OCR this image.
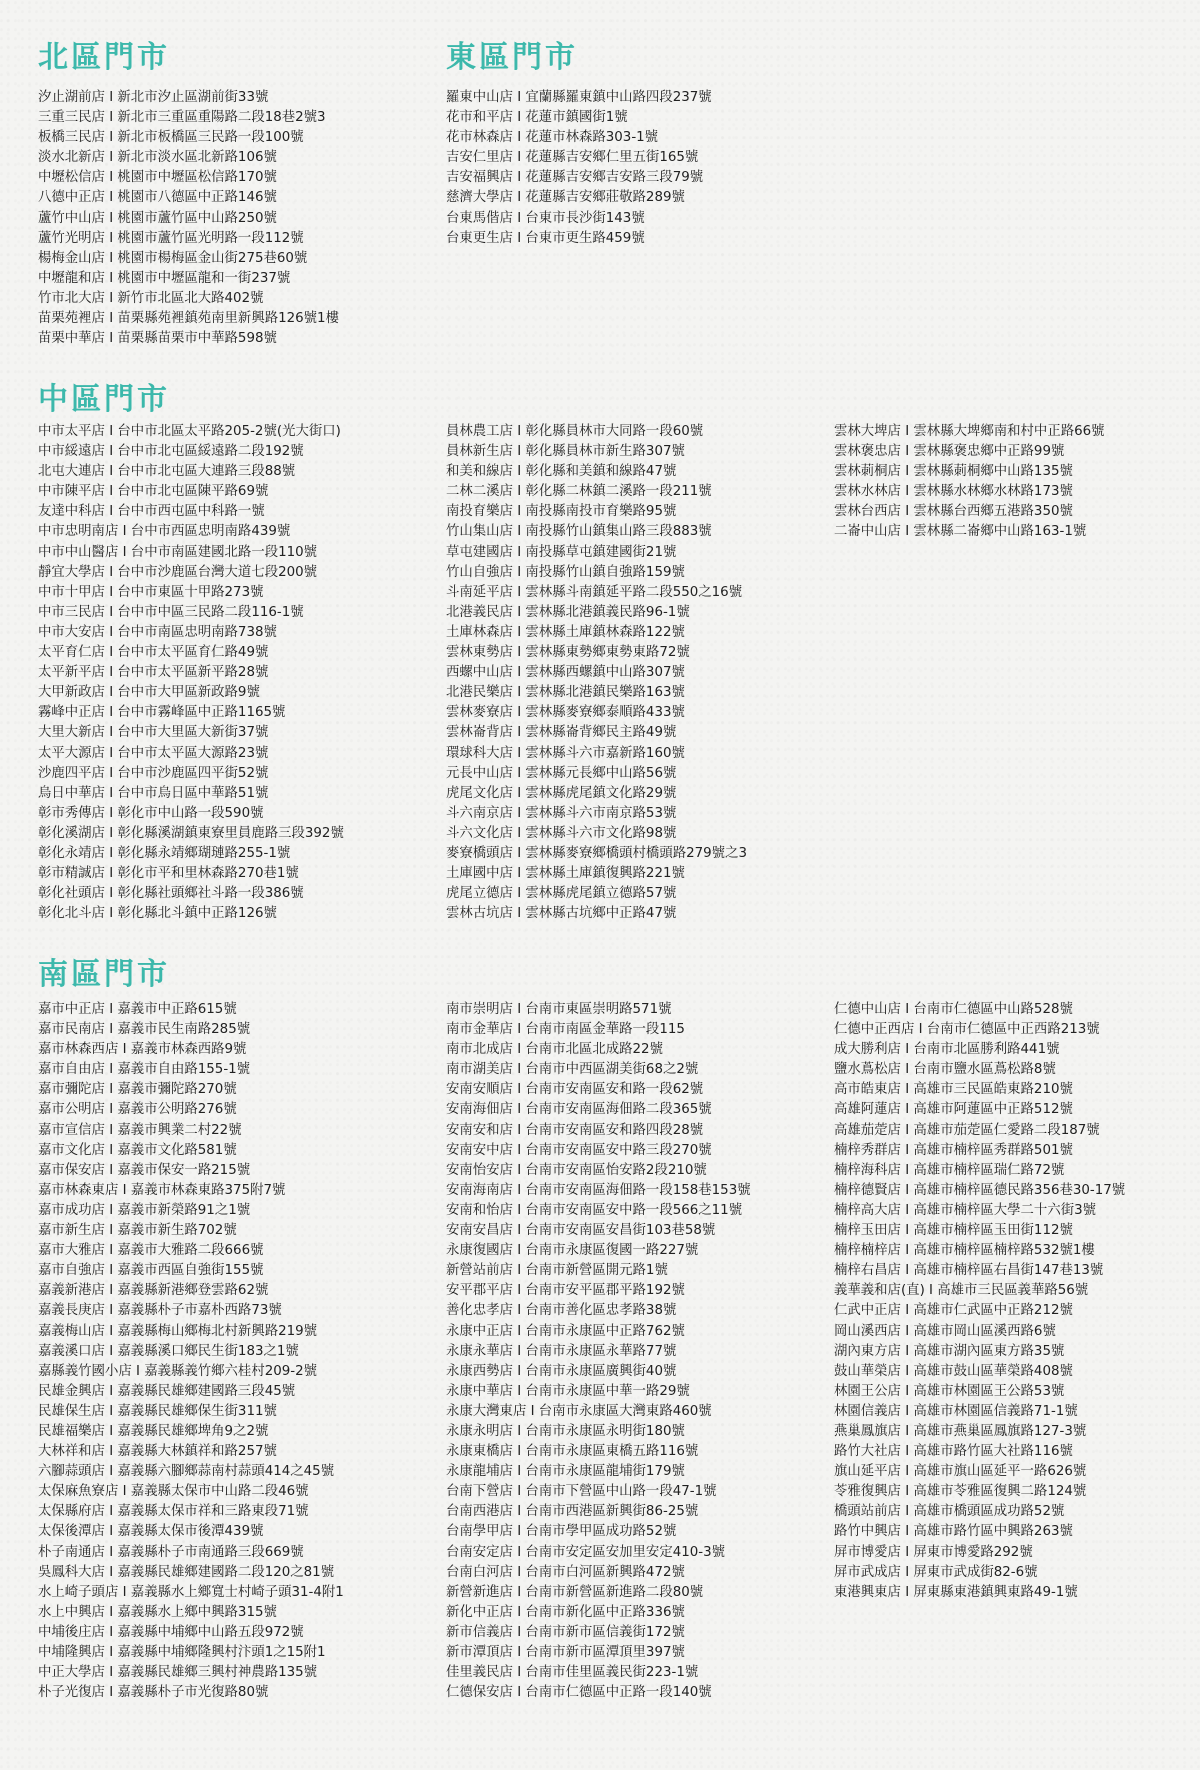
北區門市
汐止湖前店 I 新北市汐止區湖前街33號
三重三民店 I 新北市三重區重陽路二段18巷2號3
板橋三民店 I 新北市板橋區三民路一段100號
淡水北新店 I 新北市淡水區北新路106號
中壢松信店 I 桃園市中壢區松信路170號
八德中正店 I 桃園市八德區中正路146號
蘆竹中山店 I 桃園市蘆竹區中山路250號
蘆竹光明店 I 桃園市蘆竹區光明路一段112號
楊梅金山店 I 桃園市楊梅區金山街275巷60號
中壢龍和店 I 桃園市中壢區龍和一街237號
竹市北大店 I 新竹市北區北大路402號
苗栗苑裡店 I 苗栗縣苑裡鎮苑南里新興路126號1樓
苗栗中華店 I 苗栗縣苗栗市中華路598號
東區門市
羅東中山店 I 宜蘭縣羅東鎮中山路四段237號
花市和平店 I 花蓮市鎮國街1號
花市林森店 I 花蓮市林森路303-1號
吉安仁里店 I 花蓮縣吉安鄉仁里五街165號
吉安福興店 I 花蓮縣吉安鄉吉安路三段79號
慈濟大學店 I 花蓮縣吉安鄉莊敬路289號
台東馬偕店 I 台東市長沙街143號
台東更生店 I 台東市更生路459號
中區門市
中市太平店 I 台中市北區太平路205-2號(光大街口)
中市綏遠店 I 台中市北屯區綏遠路二段192號
北屯大連店 I 台中市北屯區大連路三段88號
中市陳平店 I 台中市北屯區陳平路69號
友達中科店 I 台中市西屯區中科路一號
中市忠明南店 I 台中市西區忠明南路439號
中市中山醫店 I 台中市南區建國北路一段110號
靜宜大學店 I 台中市沙鹿區台灣大道七段200號
中市十甲店 I 台中市東區十甲路273號
中市三民店 I 台中市中區三民路二段116-1號
中市大安店 I 台中市南區忠明南路738號
太平育仁店 I 台中市太平區育仁路49號
太平新平店 I 台中市太平區新平路28號
大甲新政店 I 台中市大甲區新政路9號
霧峰中正店 I 台中市霧峰區中正路1165號
大里大新店 I 台中市大里區大新街37號
太平大源店 I 台中市太平區大源路23號
沙鹿四平店 I 台中市沙鹿區四平街52號
烏日中華店 I 台中市烏日區中華路51號
彰市秀傳店 I 彰化市中山路一段590號
彰化溪湖店 I 彰化縣溪湖鎮東寮里員鹿路三段392號
彰化永靖店 I 彰化縣永靖鄉瑚璉路255-1號
彰市精誠店 I 彰化市平和里林森路270巷1號
彰化社頭店 I 彰化縣社頭鄉社斗路一段386號
彰化北斗店 I 彰化縣北斗鎮中正路126號
員林農工店 I 彰化縣員林市大同路一段60號
員林新生店 I 彰化縣員林市新生路307號
和美和線店 I 彰化縣和美鎮和線路47號
二林二溪店 I 彰化縣二林鎮二溪路一段211號
南投育樂店 I 南投縣南投市育樂路95號
竹山集山店 I 南投縣竹山鎮集山路三段883號
草屯建國店 I 南投縣草屯鎮建國街21號
竹山自強店 I 南投縣竹山鎮自強路159號
斗南延平店 I 雲林縣斗南鎮延平路二段550之16號
北港義民店 I 雲林縣北港鎮義民路96-1號
土庫林森店 I 雲林縣土庫鎮林森路122號
雲林東勢店 I 雲林縣東勢鄉東勢東路72號
西螺中山店 I 雲林縣西螺鎮中山路307號
北港民樂店 I 雲林縣北港鎮民樂路163號
雲林麥寮店 I 雲林縣麥寮鄉泰順路433號
雲林崙背店 I 雲林縣崙背鄉民主路49號
環球科大店 I 雲林縣斗六市嘉新路160號
元長中山店 I 雲林縣元長鄉中山路56號
虎尾文化店 I 雲林縣虎尾鎮文化路29號
斗六南京店 I 雲林縣斗六市南京路53號
斗六文化店 I 雲林縣斗六市文化路98號
麥寮橋頭店 I 雲林縣麥寮鄉橋頭村橋頭路279號之3
土庫國中店 I 雲林縣土庫鎮復興路221號
虎尾立德店 I 雲林縣虎尾鎮立德路57號
雲林古坑店 I 雲林縣古坑鄉中正路47號
雲林大埤店 I 雲林縣大埤鄉南和村中正路66號
雲林褒忠店 I 雲林縣褒忠鄉中正路99號
雲林莿桐店 I 雲林縣莿桐鄉中山路135號
雲林水林店 I 雲林縣水林鄉水林路173號
雲林台西店 I 雲林縣台西鄉五港路350號
二崙中山店 I 雲林縣二崙鄉中山路163-1號
南區門市
嘉市中正店 I 嘉義市中正路615號
嘉市民南店 I 嘉義市民生南路285號
嘉市林森西店 I 嘉義市林森西路9號
嘉市自由店 I 嘉義市自由路155-1號
嘉市彌陀店 I 嘉義市彌陀路270號
嘉市公明店 I 嘉義市公明路276號
嘉市宣信店 I 嘉義市興業二村22號
嘉市文化店 I 嘉義市文化路581號
嘉市保安店 I 嘉義市保安一路215號
嘉市林森東店 I 嘉義市林森東路375附7號
嘉市成功店 I 嘉義市新榮路91之1號
嘉市新生店 I 嘉義市新生路702號
嘉市大雅店 I 嘉義市大雅路二段666號
嘉市自強店 I 嘉義市西區自強街155號
嘉義新港店 I 嘉義縣新港鄉登雲路62號
嘉義長庚店 I 嘉義縣朴子市嘉朴西路73號
嘉義梅山店 I 嘉義縣梅山鄉梅北村新興路219號
嘉義溪口店 I 嘉義縣溪口鄉民生街183之1號
嘉縣義竹國小店 I 嘉義縣義竹鄉六桂村209-2號
民雄金興店 I 嘉義縣民雄鄉建國路三段45號
民雄保生店 I 嘉義縣民雄鄉保生街311號
民雄福樂店 I 嘉義縣民雄鄉埤角9之2號
大林祥和店 I 嘉義縣大林鎮祥和路257號
六腳蒜頭店 I 嘉義縣六腳鄉蒜南村蒜頭414之45號
太保麻魚寮店 I 嘉義縣太保市中山路二段46號
太保縣府店 I 嘉義縣太保市祥和三路東段71號
太保後潭店 I 嘉義縣太保市後潭439號
朴子南通店 I 嘉義縣朴子市南通路三段669號
吳鳳科大店 I 嘉義縣民雄鄉建國路二段120之81號
水上崎子頭店 I 嘉義縣水上鄉寬士村崎子頭31-4附1
水上中興店 I 嘉義縣水上鄉中興路315號
中埔後庄店 I 嘉義縣中埔鄉中山路五段972號
中埔隆興店 I 嘉義縣中埔鄉隆興村汴頭1之15附1
中正大學店 I 嘉義縣民雄鄉三興村神農路135號
朴子光復店 I 嘉義縣朴子市光復路80號
南市崇明店 I 台南市東區崇明路571號
南市金華店 I 台南市南區金華路一段115
南市北成店 I 台南市北區北成路22號
南市湖美店 I 台南市中西區湖美街68之2號
安南安順店 I 台南市安南區安和路一段62號
安南海佃店 I 台南市安南區海佃路二段365號
安南安和店 I 台南市安南區安和路四段28號
安南安中店 I 台南市安南區安中路三段270號
安南怡安店 I 台南市安南區怡安路2段210號
安南海南店 I 台南市安南區海佃路一段158巷153號
安南和怡店 I 台南市安南區安中路一段566之11號
安南安昌店 I 台南市安南區安昌街103巷58號
永康復國店 I 台南市永康區復國一路227號
新營站前店 I 台南市新營區開元路1號
安平郡平店 I 台南市安平區郡平路192號
善化忠孝店 I 台南市善化區忠孝路38號
永康中正店 I 台南市永康區中正路762號
永康永華店 I 台南市永康區永華路77號
永康西勢店 I 台南市永康區廣興街40號
永康中華店 I 台南市永康區中華一路29號
永康大灣東店 I 台南市永康區大灣東路460號
永康永明店 I 台南市永康區永明街180號
永康東橋店 I 台南市永康區東橋五路116號
永康龍埔店 I 台南市永康區龍埔街179號
台南下營店 I 台南市下營區中山路一段47-1號
台南西港店 I 台南市西港區新興街86-25號
台南學甲店 I 台南市學甲區成功路52號
台南安定店 I 台南市安定區安加里安定410-3號
台南白河店 I 台南市白河區新興路472號
新營新進店 I 台南市新營區新進路二段80號
新化中正店 I 台南市新化區中正路336號
新市信義店 I 台南市新市區信義街172號
新市潭頂店 I 台南市新市區潭頂里397號
佳里義民店 I 台南市佳里區義民街223-1號
仁德保安店 I 台南市仁德區中正路一段140號
仁德中山店 I 台南市仁德區中山路528號
仁德中正西店 I 台南市仁德區中正西路213號
成大勝利店 I 台南市北區勝利路441號
鹽水蔦松店 I 台南市鹽水區蔦松路8號
高市皓東店 I 高雄市三民區皓東路210號
高雄阿蓮店 I 高雄市阿蓮區中正路512號
高雄茄萣店 I 高雄市茄萣區仁愛路二段187號
楠梓秀群店 I 高雄市楠梓區秀群路501號
楠梓海科店 I 高雄市楠梓區瑞仁路72號
楠梓德賢店 I 高雄市楠梓區德民路356巷30-17號
楠梓高大店 I 高雄市楠梓區大學二十六街3號
楠梓玉田店 I 高雄市楠梓區玉田街112號
楠梓楠梓店 I 高雄市楠梓區楠梓路532號1樓
楠梓右昌店 I 高雄市楠梓區右昌街147巷13號
義華義和店(直) I 高雄市三民區義華路56號
仁武中正店 I 高雄市仁武區中正路212號
岡山溪西店 I 高雄市岡山區溪西路6號
湖內東方店 I 高雄市湖內區東方路35號
鼓山華榮店 I 高雄市鼓山區華榮路408號
林園王公店 I 高雄市林園區王公路53號
林園信義店 I 高雄市林園區信義路71-1號
燕巢鳳旗店 I 高雄市燕巢區鳳旗路127-3號
路竹大社店 I 高雄市路竹區大社路116號
旗山延平店 I 高雄市旗山區延平一路626號
苓雅復興店 I 高雄市苓雅區復興二路124號
橋頭站前店 I 高雄市橋頭區成功路52號
路竹中興店 I 高雄市路竹區中興路263號
屏市博愛店 I 屏東市博愛路292號
屏市武成店 I 屏東市武成街82-6號
東港興東店 I 屏東縣東港鎮興東路49-1號
